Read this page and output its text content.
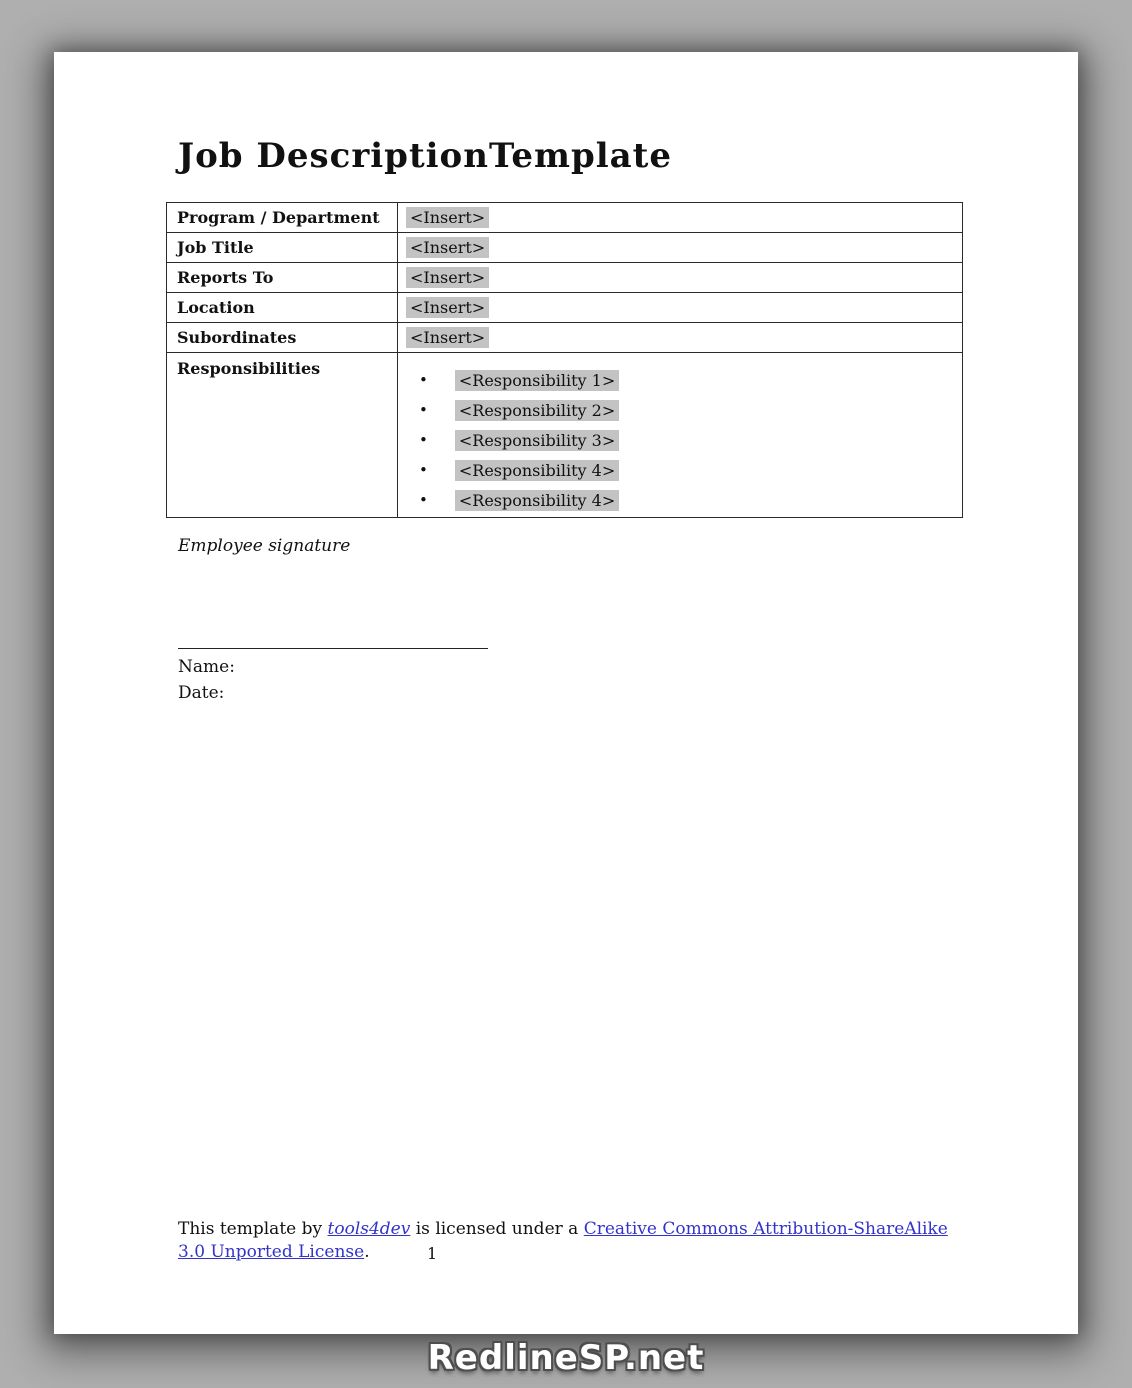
Job DescriptionTemplate
Program / Department	<Insert>
Job Title	<Insert>
Reports To	<Insert>
Location	<Insert>
Subordinates	<Insert>
Responsibilities	
• <Responsibility 1>
• <Responsibility 2>
• <Responsibility 3>
• <Responsibility 4>
• <Responsibility 4>
Employee signature
Name:
Date:
This template by tools4dev is licensed under a Creative Commons Attribution-ShareAlike 3.0 Unported License.	1
RedlineSP.net
